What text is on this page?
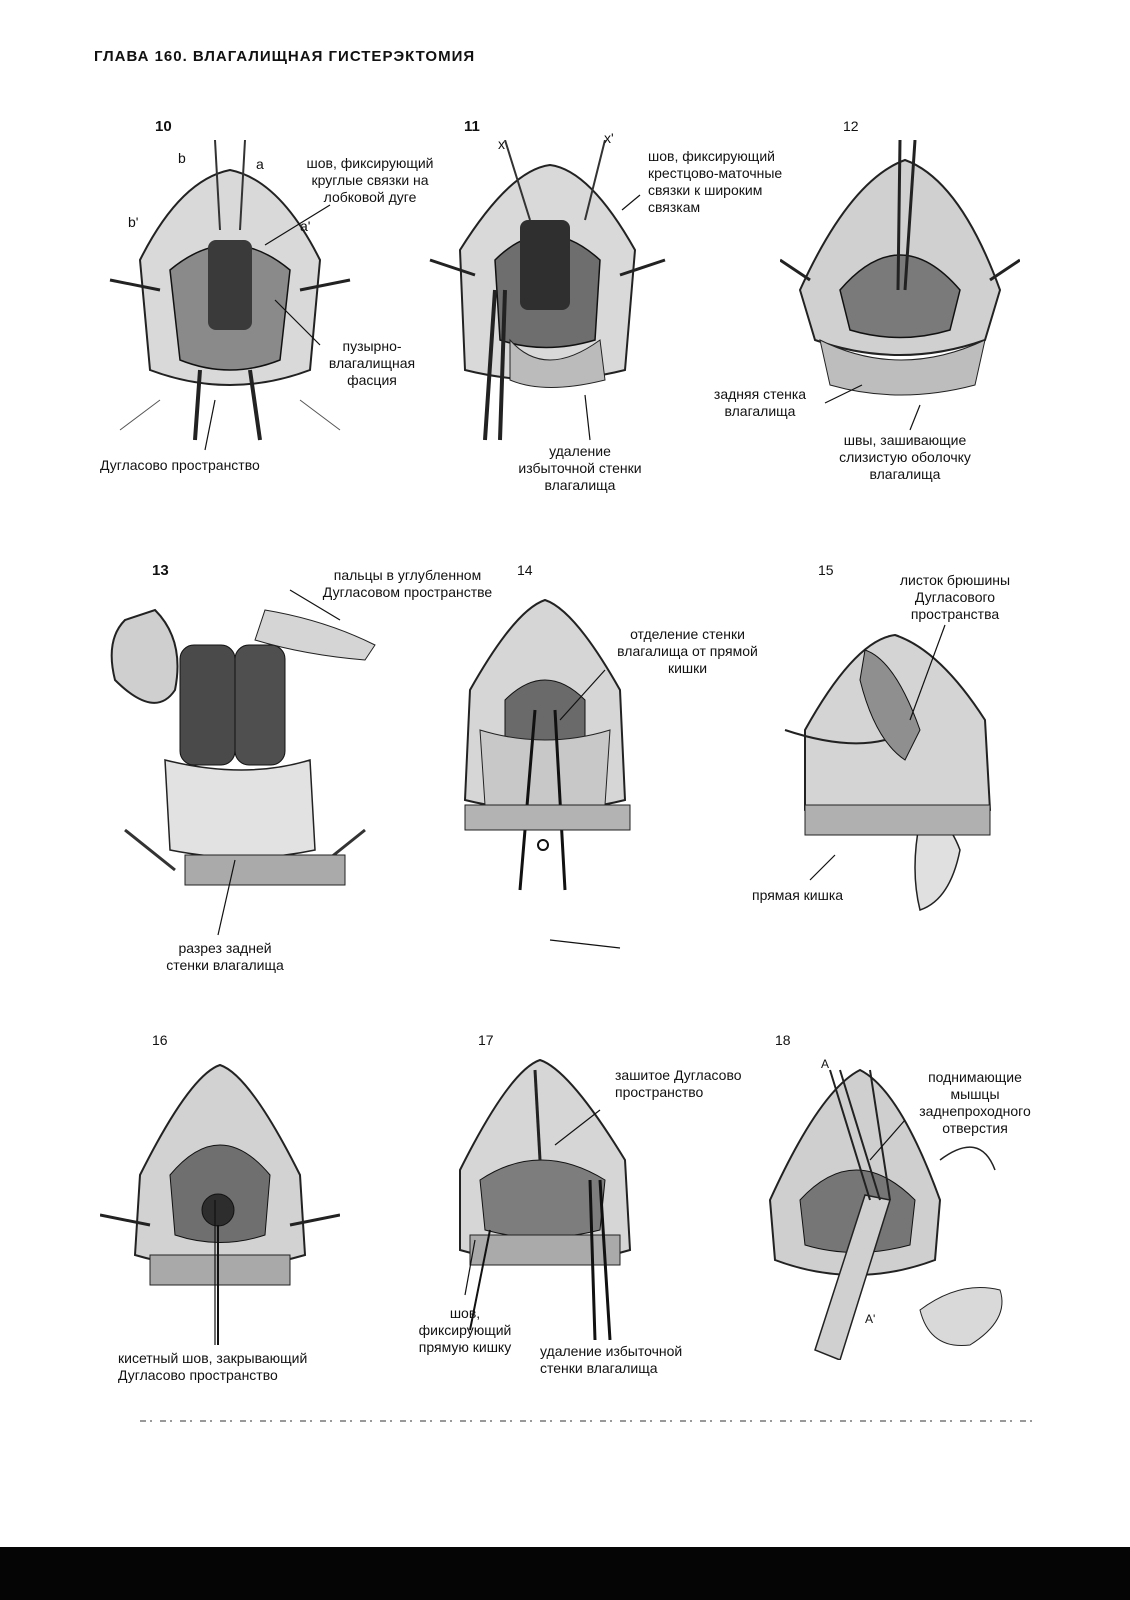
ГЛАВА 160. ВЛАГАЛИЩНАЯ ГИСТЕРЭКТОМИЯ
10
b	a
b'	a'
шов, фиксирующий
круглые связки на
лобковой дуге
пузырно-
влагалищная
фасция
Дугласово пространство
11
x	x'
шов, фиксирующий
крестцово-маточные
связки к широким
связкам
удаление
избыточной стенки
влагалища
12
задняя стенка
влагалища
швы, зашивающие
слизистую оболочку
влагалища
13	пальцы в углубленном
Дугласовом пространстве
разрез задней
стенки влагалища
14
отделение стенки
влагалища от прямой
кишки
15
листок брюшины
Дугласового
пространства
прямая кишка
16
кисетный шов, закрывающий
Дугласово пространство
17
зашитое Дугласово
пространство
шов,
фиксирующий
прямую кишку	удаление избыточной
стенки влагалища
18
A
A'
поднимающие
мышцы
заднепроходного
отверстия
